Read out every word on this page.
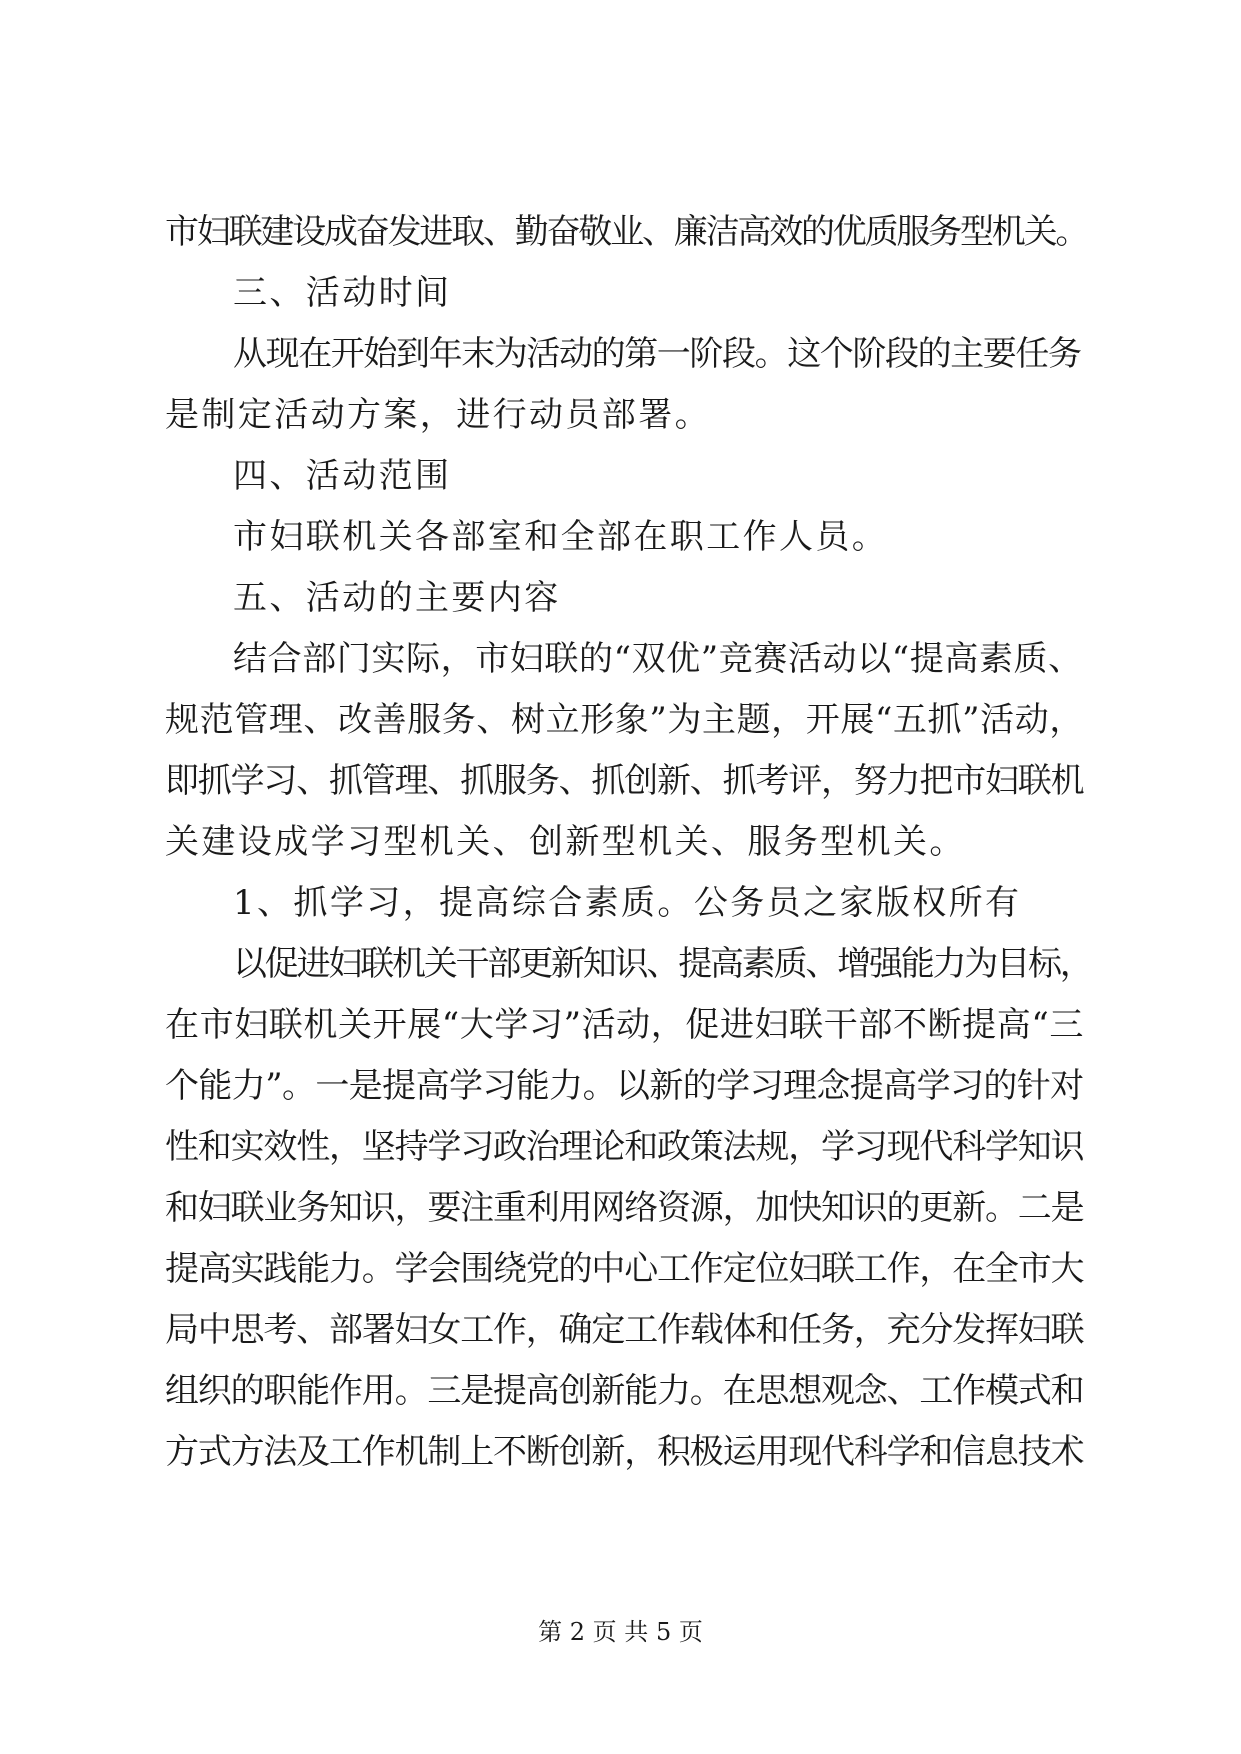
市妇联建设成奋发进取、勤奋敬业、廉洁高效的优质服务型机关。
三、活动时间
从现在开始到年末为活动的第一阶段。这个阶段的主要任务
是制定活动方案，进行动员部署。
四、活动范围
市妇联机关各部室和全部在职工作人员。
五、活动的主要内容
结合部门实际，市妇联的“双优”竞赛活动以“提高素质、
规范管理、改善服务、树立形象”为主题，开展“五抓”活动，
即抓学习、抓管理、抓服务、抓创新、抓考评，努力把市妇联机
关建设成学习型机关、创新型机关、服务型机关。
1、抓学习，提高综合素质。公务员之家版权所有
以促进妇联机关干部更新知识、提高素质、增强能力为目标，
在市妇联机关开展“大学习”活动，促进妇联干部不断提高“三
个能力”。一是提高学习能力。以新的学习理念提高学习的针对
性和实效性，坚持学习政治理论和政策法规，学习现代科学知识
和妇联业务知识，要注重利用网络资源，加快知识的更新。二是
提高实践能力。学会围绕党的中心工作定位妇联工作，在全市大
局中思考、部署妇女工作，确定工作载体和任务，充分发挥妇联
组织的职能作用。三是提高创新能力。在思想观念、工作模式和
方式方法及工作机制上不断创新，积极运用现代科学和信息技术
第 2 页 共 5 页
